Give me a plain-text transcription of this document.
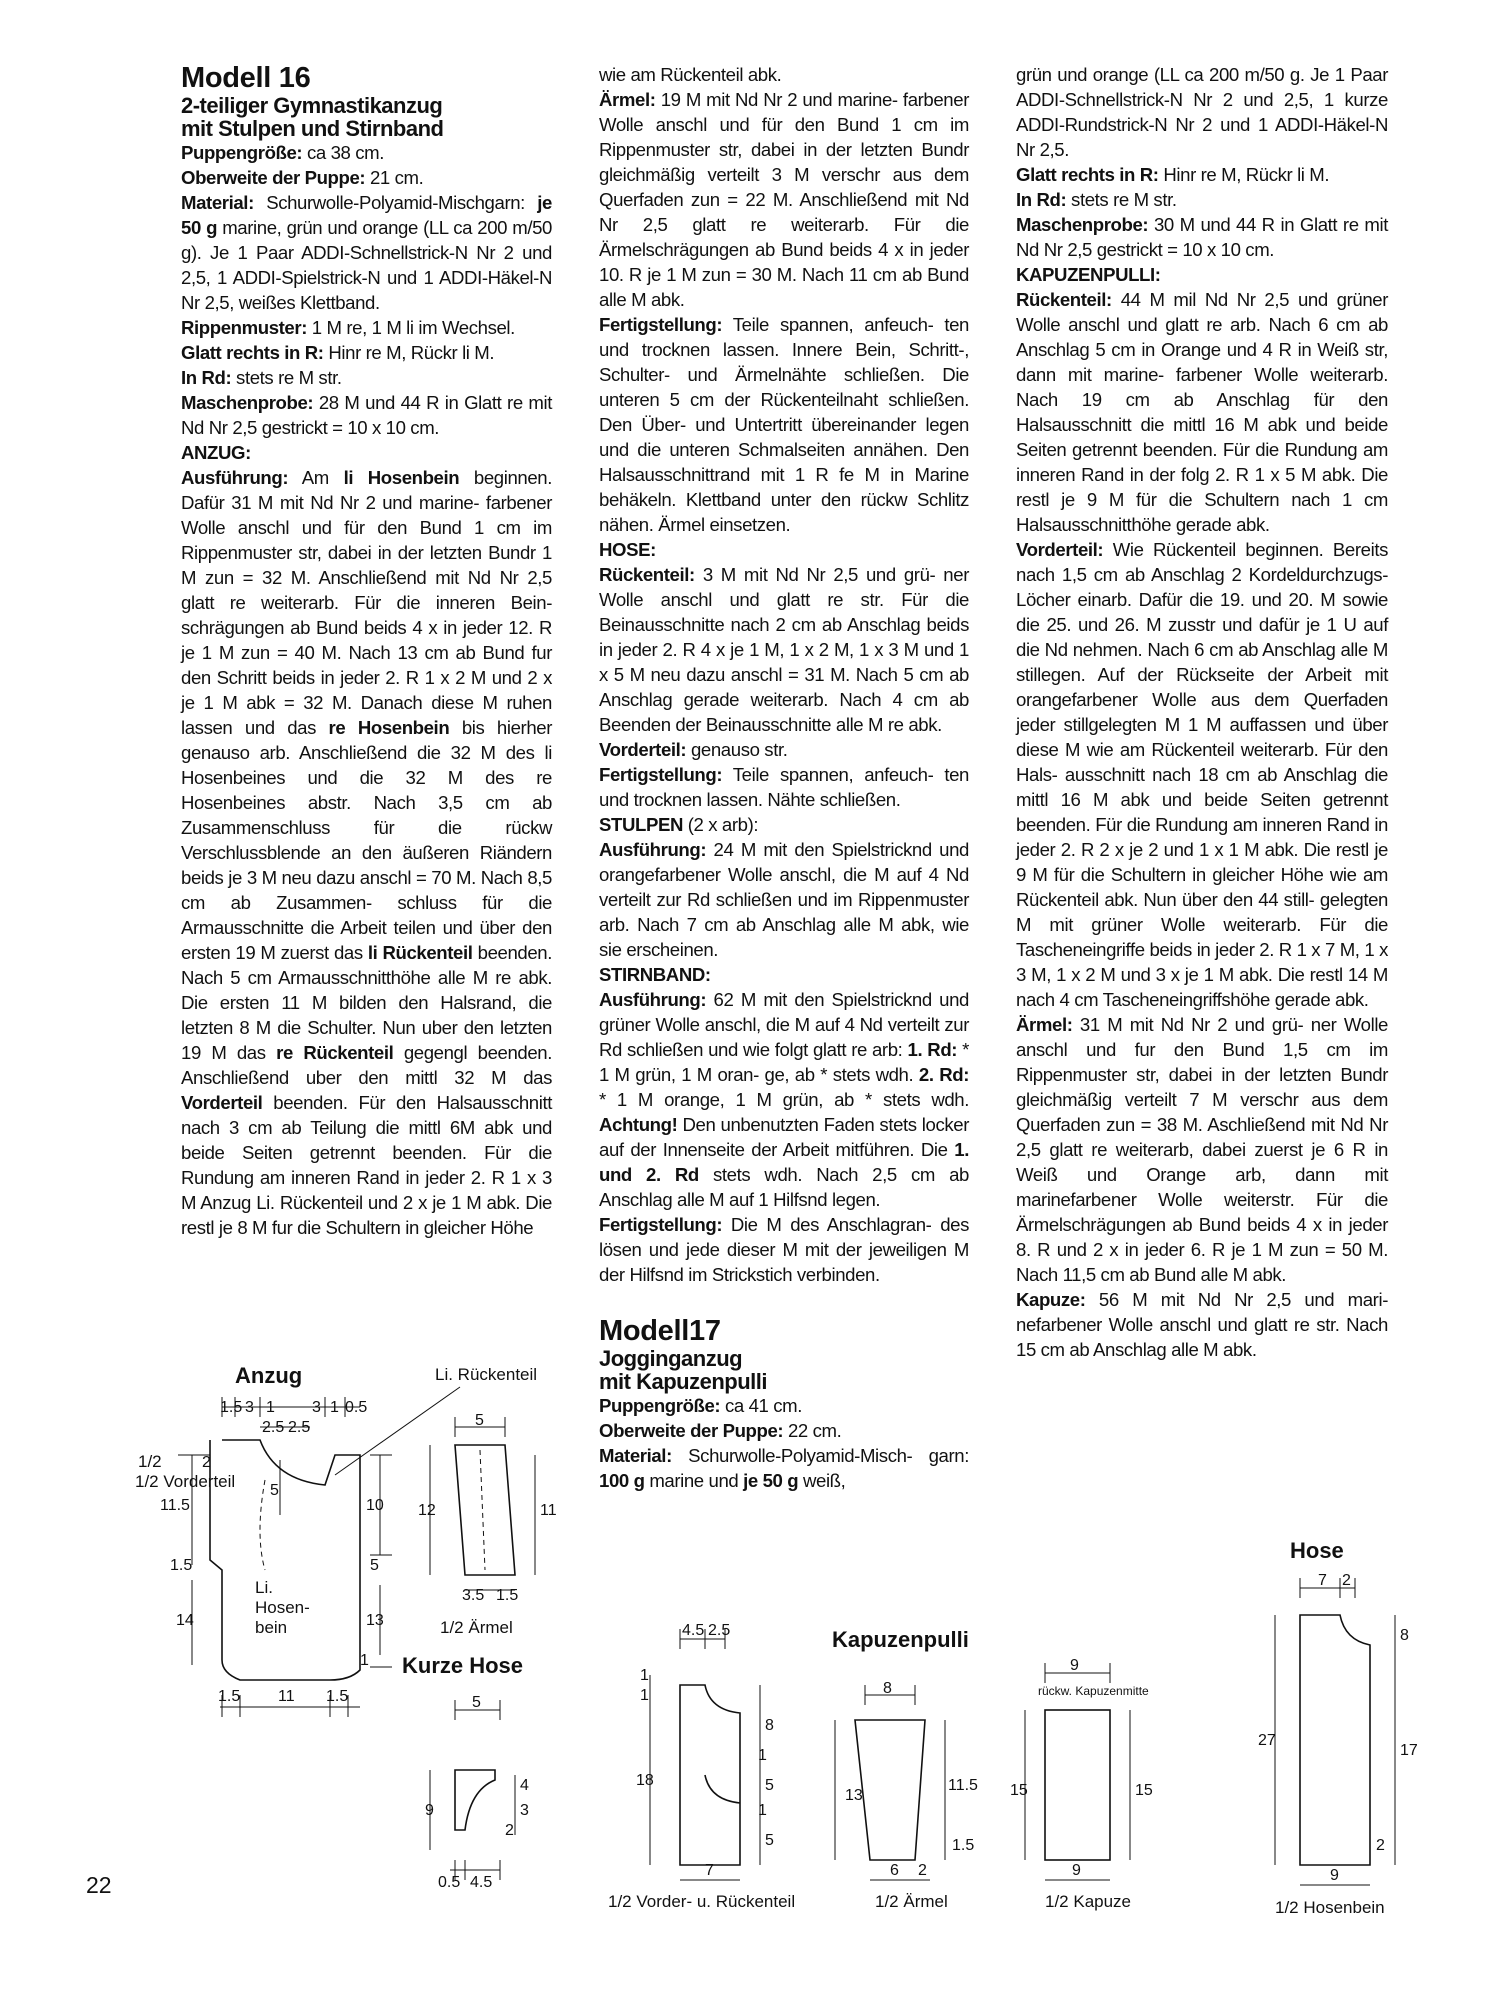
Modell 16
2-teiliger Gymnastikanzug
mit Stulpen und Stirnband

Puppengröße: ca 38 cm.

Oberweite der Puppe: 21 cm.

Material: Schurwolle-Polyamid-Mischgarn: je 50 g marine, grün und orange (LL ca 200 m/50 g). Je 1 Paar ADDI-Schnellstrick-N Nr 2 und 2,5, 1 ADDI-Spielstrick-N und 1 ADDI-Häkel-N Nr 2,5, weißes Klettband.

Rippenmuster: 1 M re, 1 M li im Wechsel.

Glatt rechts in R: Hinr re M, Rückr li M.

In Rd: stets re M str.

Maschenprobe: 28 M und 44 R in Glatt re mit Nd Nr 2,5 gestrickt = 10 x 10 cm.

ANZUG:

Ausführung: Am li Hosenbein beginnen. Dafür 31 M mit Nd Nr 2 und marine- farbener Wolle anschl und für den Bund 1 cm im Rippenmuster str, dabei in der letzten Bundr 1 M zun = 32 M. Anschließend mit Nd Nr 2,5 glatt re weiterarb. Für die inneren Bein- schrägungen ab Bund beids 4 x in jeder 12. R je 1 M zun = 40 M. Nach 13 cm ab Bund fur den Schritt beids in jeder 2. R 1 x 2 M und 2 x je 1 M abk = 32 M. Danach diese M ruhen lassen und das re Hosenbein bis hierher genauso arb. Anschließend die 32 M des li Hosenbeines und die 32 M des re Hosenbeines abstr. Nach 3,5 cm ab Zusammenschluss für die rückw Verschlussblende an den äußeren Riändern beids je 3 M neu dazu anschl = 70 M. Nach 8,5 cm ab Zusammen- schluss für die Armausschnitte die Arbeit teilen und über den ersten 19 M zuerst das li Rückenteil beenden. Nach 5 cm Armausschnitthöhe alle M re abk. Die ersten 11 M bilden den Halsrand, die letzten 8 M die Schulter. Nun uber den letzten 19 M das re Rückenteil gegengl beenden. Anschließend uber den mittl 32 M das Vorderteil beenden. Für den Halsausschnitt nach 3 cm ab Teilung die mittl 6M abk und beide Seiten getrennt beenden. Für die Rundung am inneren Rand in jeder 2. R 1 x 3 M Anzug Li. Rückenteil und 2 x je 1 M abk. Die restl je 8 M fur die Schultern in gleicher Höhe

wie am Rückenteil abk.

Ärmel: 19 M mit Nd Nr 2 und marine- farbener Wolle anschl und für den Bund 1 cm im Rippenmuster str, dabei in der letzten Bundr gleichmäßig verteilt 3 M verschr aus dem Querfaden zun = 22 M. Anschließend mit Nd Nr 2,5 glatt re weiterarb. Für die Ärmelschrägungen ab Bund beids 4 x in jeder 10. R je 1 M zun = 30 M. Nach 11 cm ab Bund alle M abk.

Fertigstellung: Teile spannen, anfeuch- ten und trocknen lassen. Innere Bein, Schritt-, Schulter- und Ärmelnähte schließen. Die unteren 5 cm der Rückenteilnaht schließen. Den Über- und Untertritt übereinander legen und die unteren Schmalseiten annähen. Den Halsausschnittrand mit 1 R fe M in Marine behäkeln. Klettband unter den rückw Schlitz nähen. Ärmel einsetzen.

HOSE:

Rückenteil: 3 M mit Nd Nr 2,5 und grü- ner Wolle anschl und glatt re str. Für die Beinausschnitte nach 2 cm ab Anschlag beids in jeder 2. R 4 x je 1 M, 1 x 2 M, 1 x 3 M und 1 x 5 M neu dazu anschl = 31 M. Nach 5 cm ab Anschlag gerade weiterarb. Nach 4 cm ab Beenden der Beinausschnitte alle M re abk.

Vorderteil: genauso str.

Fertigstellung: Teile spannen, anfeuch- ten und trocknen lassen. Nähte schließen.

STULPEN (2 x arb):

Ausführung: 24 M mit den Spielstricknd und orangefarbener Wolle anschl, die M auf 4 Nd verteilt zur Rd schließen und im Rippenmuster arb. Nach 7 cm ab Anschlag alle M abk, wie sie erscheinen.

STIRNBAND:

Ausführung: 62 M mit den Spielstricknd und grüner Wolle anschl, die M auf 4 Nd verteilt zur Rd schließen und wie folgt glatt re arb: 1. Rd: * 1 M grün, 1 M oran- ge, ab * stets wdh. 2. Rd: * 1 M orange, 1 M grün, ab * stets wdh. Achtung! Den unbenutzten Faden stets locker auf der Innenseite der Arbeit mitführen. Die 1. und 2. Rd stets wdh. Nach 2,5 cm ab Anschlag alle M auf 1 Hilfsnd legen.

Fertigstellung: Die M des Anschlagran- des lösen und jede dieser M mit der jeweiligen M der Hilfsnd im Strickstich verbinden.

Modell17
Jogginganzug
mit Kapuzenpulli

Puppengröße: ca 41 cm.

Oberweite der Puppe: 22 cm.

Material: Schurwolle-Polyamid-Misch- garn: 100 g marine und je 50 g weiß,

grün und orange (LL ca 200 m/50 g. Je 1 Paar ADDI-Schnellstrick-N Nr 2 und 2,5, 1 kurze ADDI-Rundstrick-N Nr 2 und 1 ADDI-Häkel-N Nr 2,5.

Glatt rechts in R: Hinr re M, Rückr li M.

In Rd: stets re M str.

Maschenprobe: 30 M und 44 R in Glatt re mit Nd Nr 2,5 gestrickt = 10 x 10 cm.

KAPUZENPULLI:

Rückenteil: 44 M mil Nd Nr 2,5 und grüner Wolle anschl und glatt re arb. Nach 6 cm ab Anschlag 5 cm in Orange und 4 R in Weiß str, dann mit marine- farbener Wolle weiterarb. Nach 19 cm ab Anschlag für den Halsausschnitt die mittl 16 M abk und beide Seiten getrennt beenden. Für die Rundung am inneren Rand in der folg 2. R 1 x 5 M abk. Die restl je 9 M für die Schultern nach 1 cm Halsausschnitthöhe gerade abk.

Vorderteil: Wie Rückenteil beginnen. Bereits nach 1,5 cm ab Anschlag 2 Kordeldurchzugs-Löcher einarb. Dafür die 19. und 20. M sowie die 25. und 26. M zusstr und dafür je 1 U auf die Nd nehmen. Nach 6 cm ab Anschlag alle M stillegen. Auf der Rückseite der Arbeit mit orangefarbener Wolle aus dem Querfaden jeder stillgelegten M 1 M auffassen und über diese M wie am Rückenteil weiterarb. Für den Hals- ausschnitt nach 18 cm ab Anschlag die mittl 16 M abk und beide Seiten getrennt beenden. Für die Rundung am inneren Rand in jeder 2. R 2 x je 2 und 1 x 1 M abk. Die restl je 9 M für die Schultern in gleicher Höhe wie am Rückenteil abk. Nun über den 44 still- gelegten M mit grüner Wolle weiterarb. Für die Tascheneingriffe beids in jeder 2. R 1 x 7 M, 1 x 3 M, 1 x 2 M und 3 x je 1 M abk. Die restl 14 M nach 4 cm Tascheneingriffshöhe gerade abk.

Ärmel: 31 M mit Nd Nr 2 und grü- ner Wolle anschl und fur den Bund 1,5 cm im Rippenmuster str, dabei in der letzten Bundr gleichmäßig verteilt 7 M verschr aus dem Querfaden zun = 38 M. Aschließend mit Nd Nr 2,5 glatt re weiterarb, dabei zuerst je 6 R in Weiß und Orange arb, dann mit marinefarbener Wolle weiterstr. Für die Ärmelschrägungen ab Bund beids 4 x in jeder 8. R und 2 x in jeder 6. R je 1 M zun = 50 M. Nach 11,5 cm ab Bund alle M abk.

Kapuze: 56 M mit Nd Nr 2,5 und mari- nefarbener Wolle anschl und glatt re str. Nach 15 cm ab Anschlag alle M abk.

Anzug	Li. Rückenteil
1.5 3 1 3 1 0.5
2.5 2.5
1/2
1/2 Vorderteil
2
11.5
1.5
14
Li.
Hosen-
bein
5
10
5
13
1
1.5 11 1.5
5
12	11
3.5 1.5
1/2 Ärmel
Kurze Hose
5
9
4
3
2
0.5 4.5
Kapuzenpulli
4.5 2.5
1
1
18
8
1
5
1
5
7
1/2 Vorder- u. Rückenteil
8
13
11.5
1.5
6 2
1/2 Ärmel
9
rückw. Kapuzenmitte
15	15
9
1/2 Kapuze
Hose
7 2
27
8
17
2
9
1/2 Hosenbein
22
